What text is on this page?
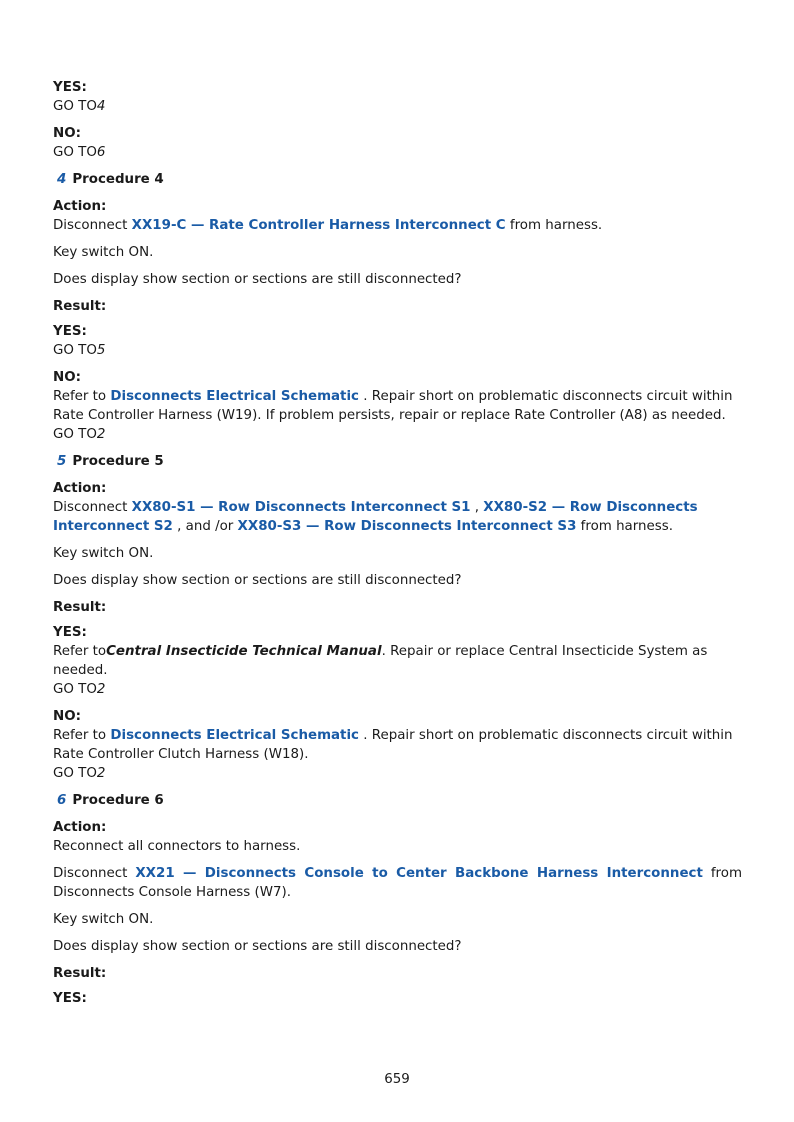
YES:
GO TO4
NO:
GO TO6
4 Procedure 4
Action:
Disconnect XX19-C — Rate Controller Harness Interconnect C from harness.
Key switch ON.
Does display show section or sections are still disconnected?
Result:
YES:
GO TO5
NO:
Refer to Disconnects Electrical Schematic . Repair short on problematic disconnects circuit within Rate Controller Harness (W19). If problem persists, repair or replace Rate Controller (A8) as needed.
GO TO2
5 Procedure 5
Action:
Disconnect XX80-S1 — Row Disconnects Interconnect S1 , XX80-S2 — Row Disconnects Interconnect S2 , and /or XX80-S3 — Row Disconnects Interconnect S3 from harness.
Key switch ON.
Does display show section or sections are still disconnected?
Result:
YES:
Refer toCentral Insecticide Technical Manual. Repair or replace Central Insecticide System as needed.
GO TO2
NO:
Refer to Disconnects Electrical Schematic . Repair short on problematic disconnects circuit within Rate Controller Clutch Harness (W18).
GO TO2
6 Procedure 6
Action:
Reconnect all connectors to harness.
Disconnect XX21 — Disconnects Console to Center Backbone Harness Interconnect from Disconnects Console Harness (W7).
Key switch ON.
Does display show section or sections are still disconnected?
Result:
YES:
659
